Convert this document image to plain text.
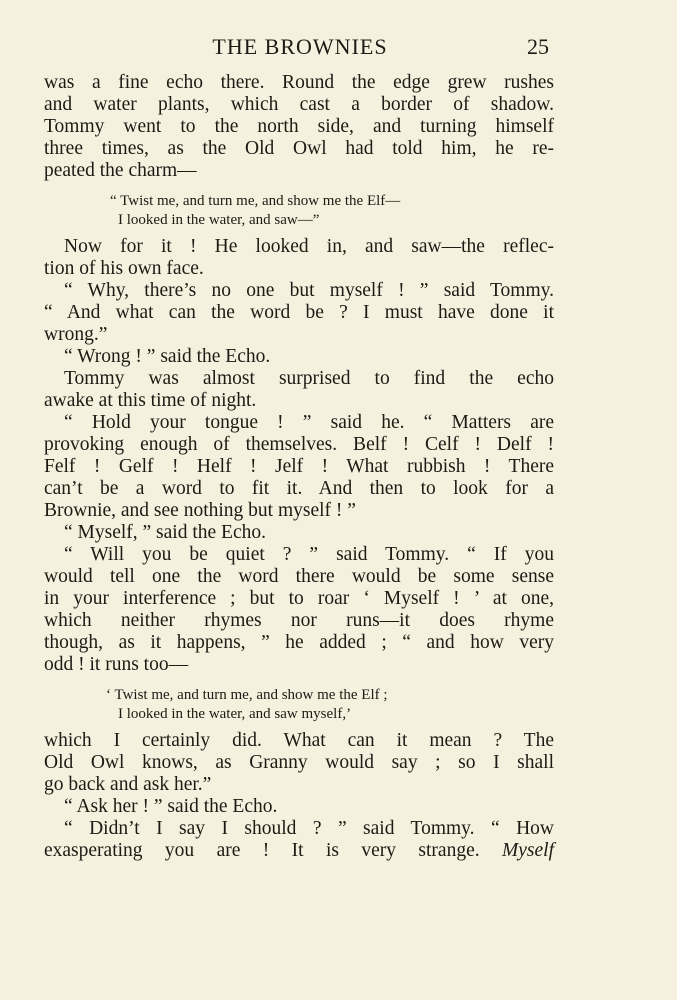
THE BROWNIES	25
was a fine echo there. Round the edge grew rushes
and water plants, which cast a border of shadow.
Tommy went to the north side, and turning himself
three times, as the Old Owl had told him, he re-
peated the charm—
“ Twist me, and turn me, and show me the Elf—
I looked in the water, and saw—”
Now for it ! He looked in, and saw—the reflec-
tion of his own face.
“ Why, there’s no one but myself ! ” said Tommy.
“ And what can the word be ? I must have done it
wrong.”
“ Wrong ! ” said the Echo.
Tommy was almost surprised to find the echo
awake at this time of night.
“ Hold your tongue ! ” said he. “ Matters are
provoking enough of themselves. Belf ! Celf ! Delf !
Felf ! Gelf ! Helf ! Jelf ! What rubbish ! There
can’t be a word to fit it. And then to look for a
Brownie, and see nothing but myself ! ”
“ Myself, ” said the Echo.
“ Will you be quiet ? ” said Tommy. “ If you
would tell one the word there would be some sense
in your interference ; but to roar ‘ Myself ! ’ at one,
which neither rhymes nor runs—it does rhyme
though, as it happens, ” he added ; “ and how very
odd ! it runs too—
‘ Twist me, and turn me, and show me the Elf ;
I looked in the water, and saw myself,’
which I certainly did. What can it mean ? The
Old Owl knows, as Granny would say ; so I shall
go back and ask her.”
“ Ask her ! ” said the Echo.
“ Didn’t I say I should ? ” said Tommy. “ How
exasperating you are ! It is very strange. Myself
